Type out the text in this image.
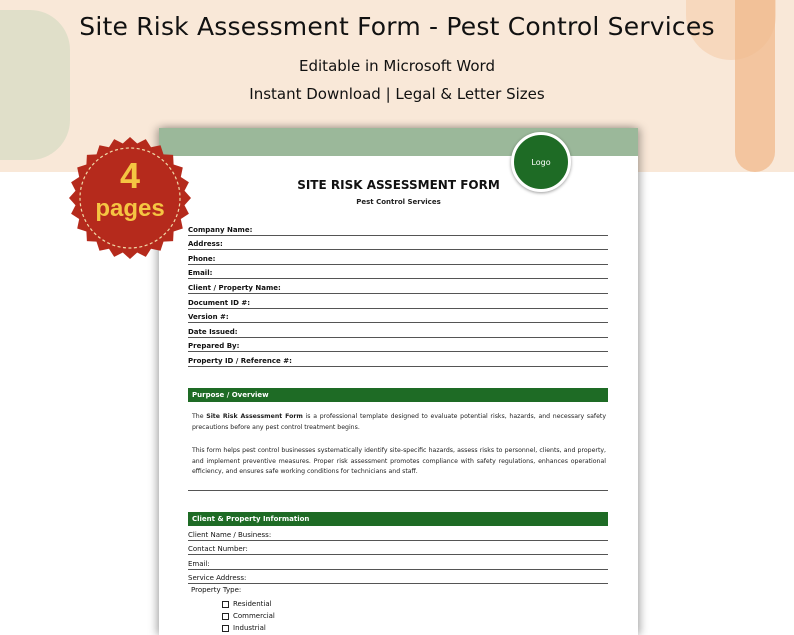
Site Risk Assessment Form - Pest Control Services
Editable in Microsoft Word
Instant Download | Legal & Letter Sizes
Logo
SITE RISK ASSESSMENT FORM
Pest Control Services
Company Name:
Address:
Phone:
Email:
Client / Property Name:
Document ID #:
Version #:
Date Issued:
Prepared By:
Property ID / Reference #:
Purpose / Overview
The Site Risk Assessment Form is a professional template designed to evaluate potential risks, hazards, and necessary safety precautions before any pest control treatment begins.
This form helps pest control businesses systematically identify site-specific hazards, assess risks to personnel, clients, and property, and implement preventive measures. Proper risk assessment promotes compliance with safety regulations, enhances operational efficiency, and ensures safe working conditions for technicians and staff.
Client & Property Information
Client Name / Business:
Contact Number:
Email:
Service Address:
Property Type:
Residential
Commercial
Industrial
4
pages
